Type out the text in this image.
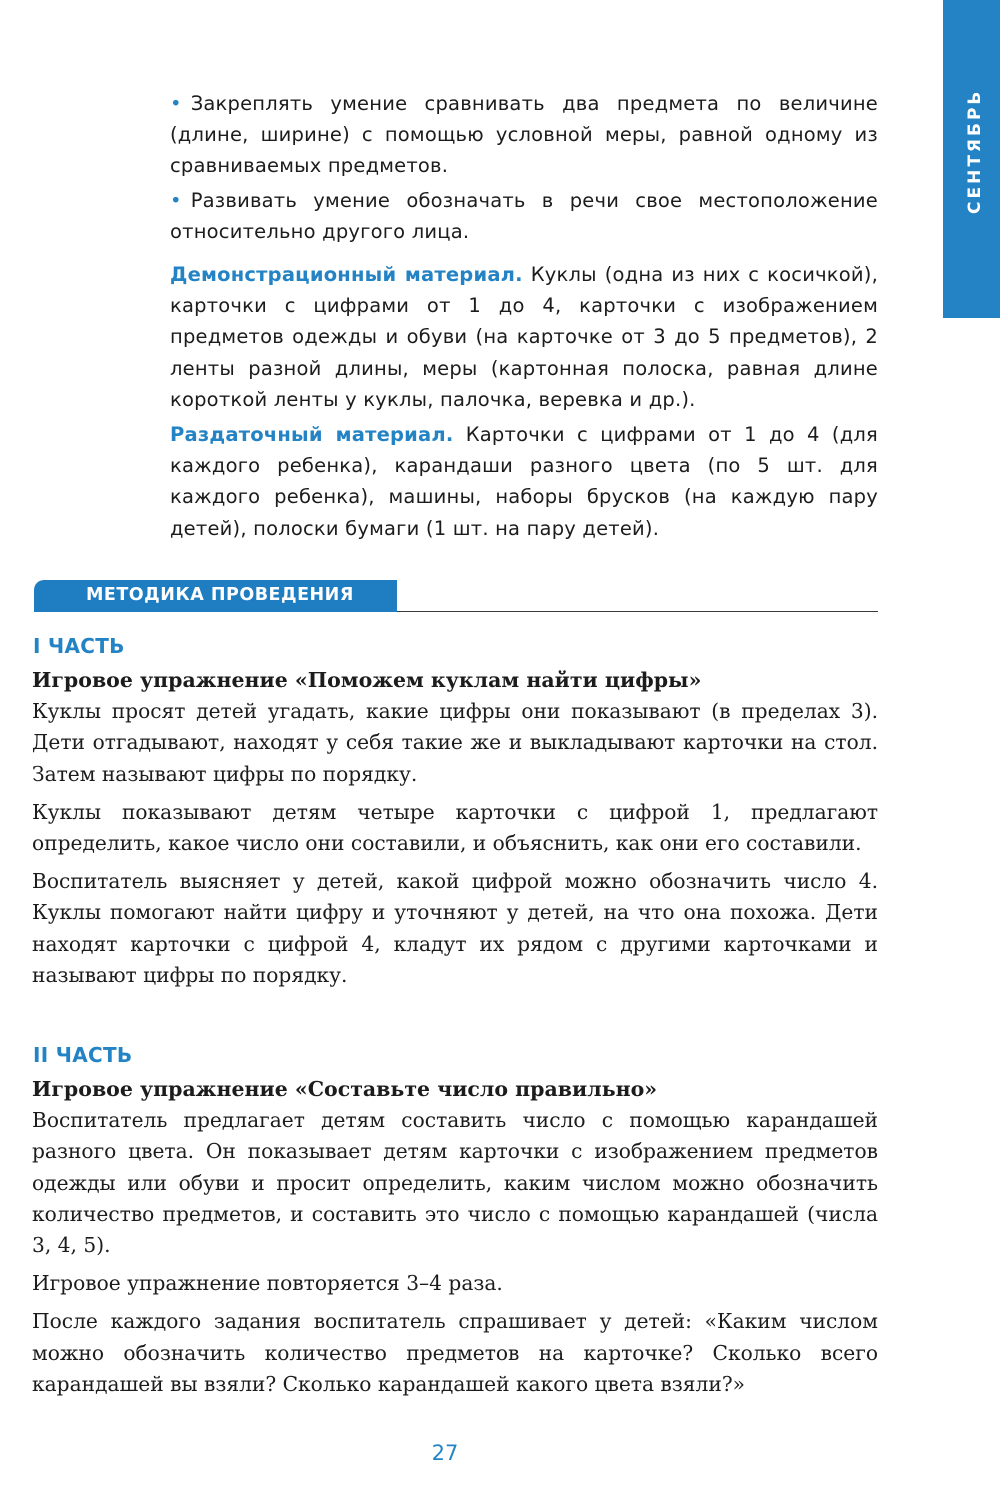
СЕНТЯБРЬ

• Закреплять умение сравнивать два предмета по величине (длине, ширине) с помощью условной меры, равной одному из сравниваемых предметов.

• Развивать умение обозначать в речи свое местоположение относительно другого лица.

Демонстрационный материал. Куклы (одна из них с косичкой), карточки с цифрами от 1 до 4, карточки с изображением предметов одежды и обуви (на карточке от 3 до 5 предметов), 2 ленты разной длины, меры (картонная полоска, равная длине короткой ленты у куклы, палочка, веревка и др.).

Раздаточный материал. Карточки с цифрами от 1 до 4 (для каждого ребенка), карандаши разного цвета (по 5 шт. для каждого ребенка), машины, наборы брусков (на каждую пару детей), полоски бумаги (1 шт. на пару детей).

МЕТОДИКА ПРОВЕДЕНИЯ
I ЧАСТЬ
Игровое упражнение «Поможем куклам найти цифры»

Куклы просят детей угадать, какие цифры они показывают (в пределах 3). Дети отгадывают, находят у себя такие же и выкладывают карточки на стол. Затем называют цифры по порядку.

Куклы показывают детям четыре карточки с цифрой 1, предлагают определить, какое число они составили, и объяснить, как они его составили.

Воспитатель выясняет у детей, какой цифрой можно обозначить число 4. Куклы помогают найти цифру и уточняют у детей, на что она похожа. Дети находят карточки с цифрой 4, кладут их рядом с другими карточками и называют цифры по порядку.

II ЧАСТЬ
Игровое упражнение «Составьте число правильно»

Воспитатель предлагает детям составить число с помощью карандашей разного цвета. Он показывает детям карточки с изображением предметов одежды или обуви и просит определить, каким числом можно обозначить количество предметов, и составить это число с помощью карандашей (числа 3, 4, 5).

Игровое упражнение повторяется 3–4 раза.

После каждого задания воспитатель спрашивает у детей: «Каким числом можно обозначить количество предметов на карточке? Сколько всего карандашей вы взяли? Сколько карандашей какого цвета взяли?»

27
